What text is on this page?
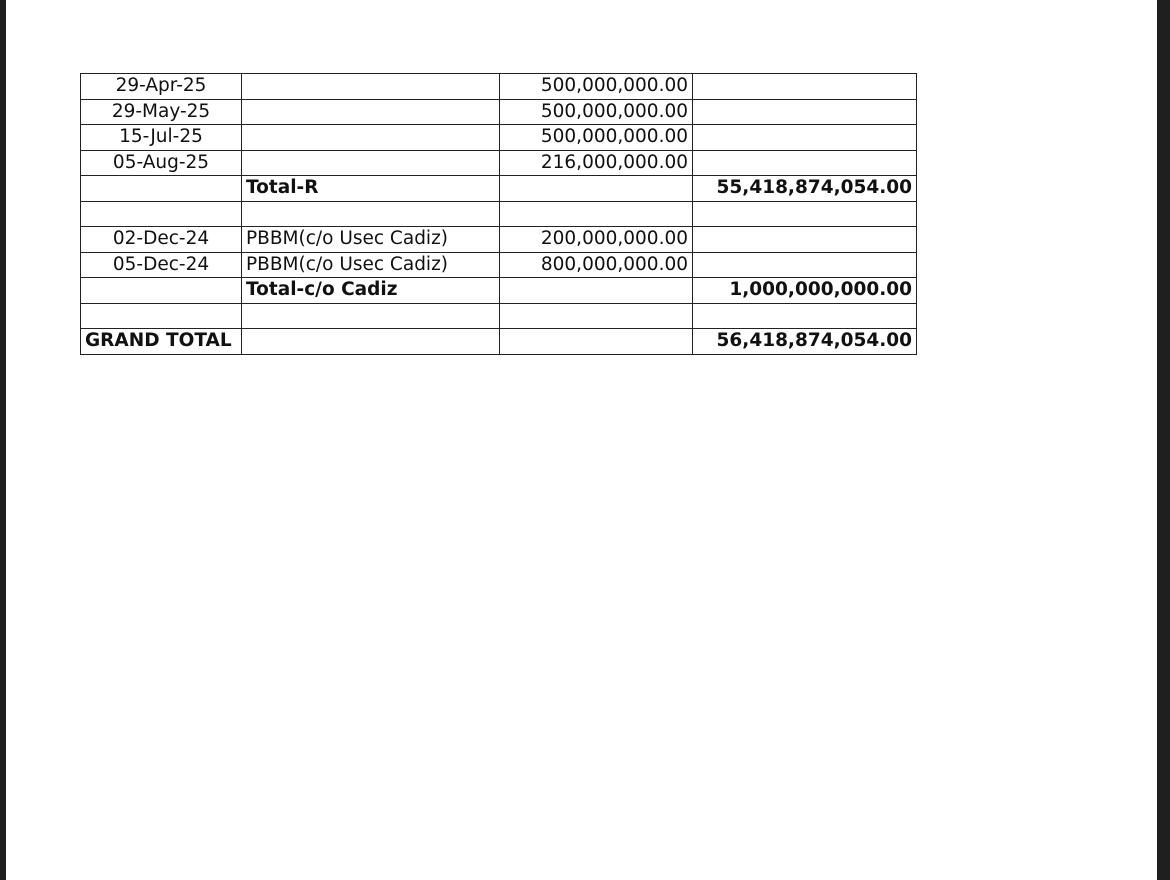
29-Apr-25		500,000,000.00	
29-May-25		500,000,000.00	
15-Jul-25		500,000,000.00	
05-Aug-25		216,000,000.00	
	Total-R		55,418,874,054.00

02-Dec-24	PBBM(c/o Usec Cadiz)	200,000,000.00	
05-Dec-24	PBBM(c/o Usec Cadiz)	800,000,000.00	
	Total-c/o Cadiz		1,000,000,000.00

GRAND TOTAL			56,418,874,054.00
